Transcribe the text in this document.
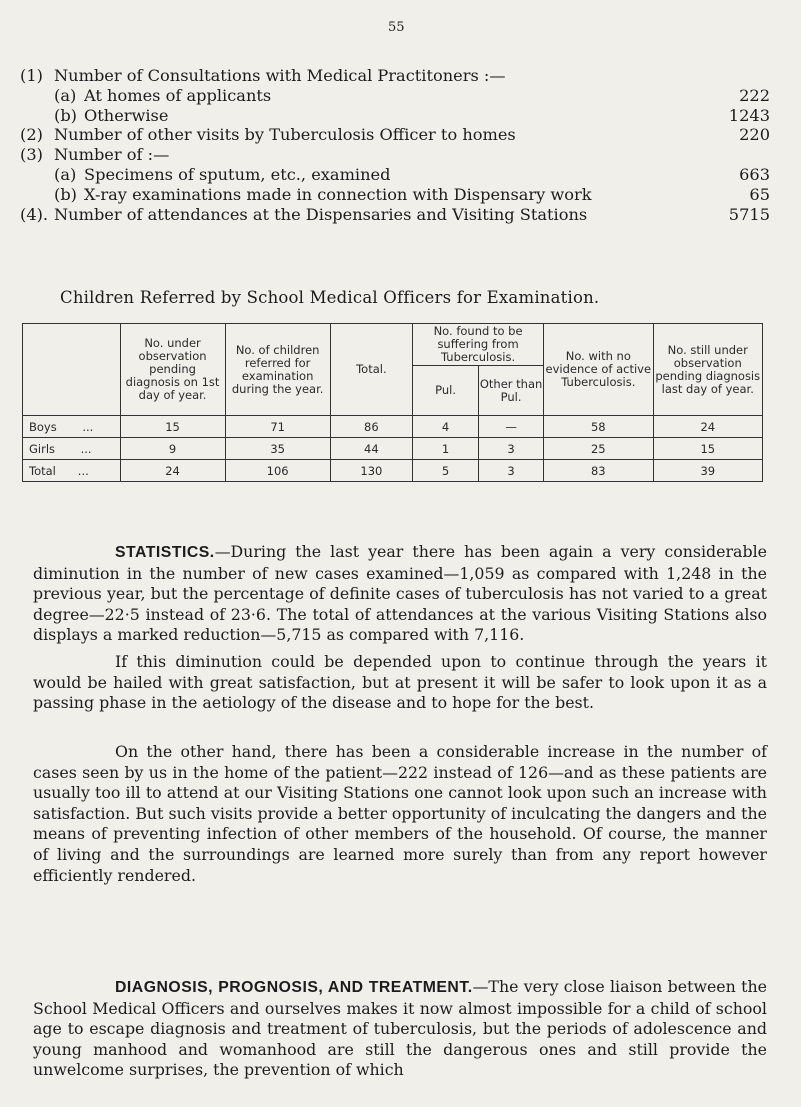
55
(1) Number of Consultations with Medical Practitoners :—
(a) At homes of applicants	222
(b) Otherwise	1243
(2) Number of other visits by Tuberculosis Officer to homes	220
(3) Number of :—
(a) Specimens of sputum, etc., examined	663
(b) X-ray examinations made in connection with Dispensary work	65
(4). Number of attendances at the Dispensaries and Visiting Stations	5715
Children Referred by School Medical Officers for Examination.
	No. under observation pending diagnosis on 1st day of year.	No. of children referred for examination during the year.	Total.	No. found to be suffering from Tuberculosis.		No. with no evidence of active Tuberculosis.	No. still under observation pending diagnosis last day of year.
				Pul.	Other than Pul.		
Boys ...	15	71	86	4	—	58	24
Girls ...	9	35	44	1	3	25	15
Total ...	24	106	130	5	3	83	39

STATISTICS.—During the last year there has been again a very considerable diminution in the number of new cases examined—1,059 as compared with 1,248 in the previous year, but the percentage of definite cases of tuberculosis has not varied to a great degree—22·5 instead of 23·6. The total of attendances at the various Visiting Stations also displays a marked reduction—5,715 as compared with 7,116.

If this diminution could be depended upon to continue through the years it would be hailed with great satisfaction, but at present it will be safer to look upon it as a passing phase in the aetiology of the disease and to hope for the best.

On the other hand, there has been a considerable increase in the number of cases seen by us in the home of the patient—222 instead of 126—and as these patients are usually too ill to attend at our Visiting Stations one cannot look upon such an increase with satisfaction. But such visits provide a better opportunity of inculcating the dangers and the means of preventing infection of other members of the household. Of course, the manner of living and the surroundings are learned more surely than from any report however efficiently rendered.

DIAGNOSIS, PROGNOSIS, AND TREATMENT.—The very close liaison between the School Medical Officers and ourselves makes it now almost impossible for a child of school age to escape diagnosis and treatment of tuberculosis, but the periods of adolescence and young manhood and womanhood are still the dangerous ones and still provide the unwelcome surprises, the prevention of which
